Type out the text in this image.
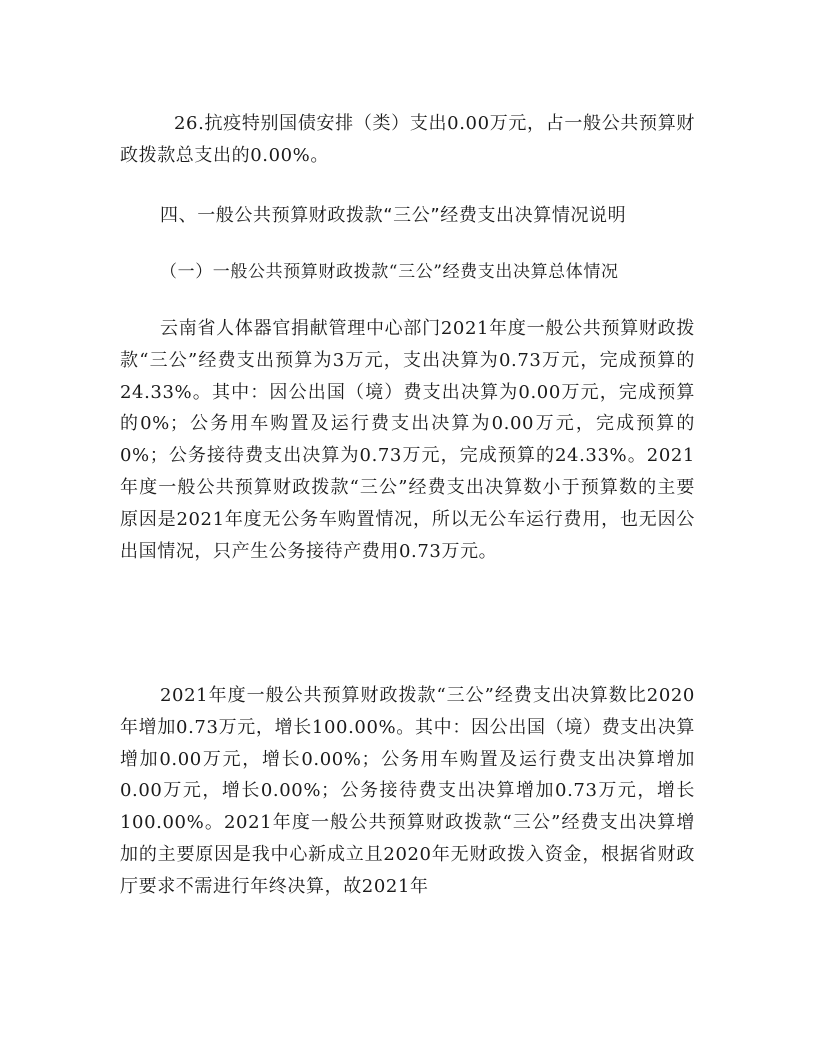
26.抗疫特别国债安排（类）支出0.00万元，占一般公共预算财政拨款总支出的0.00%。

四、一般公共预算财政拨款“三公”经费支出决算情况说明
（一）一般公共预算财政拨款“三公”经费支出决算总体情况

云南省人体器官捐献管理中心部门2021年度一般公共预算财政拨款“三公”经费支出预算为3万元，支出决算为0.73万元，完成预算的24.33%。其中：因公出国（境）费支出决算为0.00万元，完成预算的0%；公务用车购置及运行费支出决算为0.00万元，完成预算的0%；公务接待费支出决算为0.73万元，完成预算的24.33%。2021年度一般公共预算财政拨款“三公”经费支出决算数小于预算数的主要原因是2021年度无公务车购置情况，所以无公车运行费用，也无因公出国情况，只产生公务接待产费用0.73万元。

2021年度一般公共预算财政拨款“三公”经费支出决算数比2020年增加0.73万元，增长100.00%。其中：因公出国（境）费支出决算增加0.00万元，增长0.00%；公务用车购置及运行费支出决算增加0.00万元，增长0.00%；公务接待费支出决算增加0.73万元，增长100.00%。2021年度一般公共预算财政拨款“三公”经费支出决算增加的主要原因是我中心新成立且2020年无财政拨入资金，根据省财政厅要求不需进行年终决算，故2021年
